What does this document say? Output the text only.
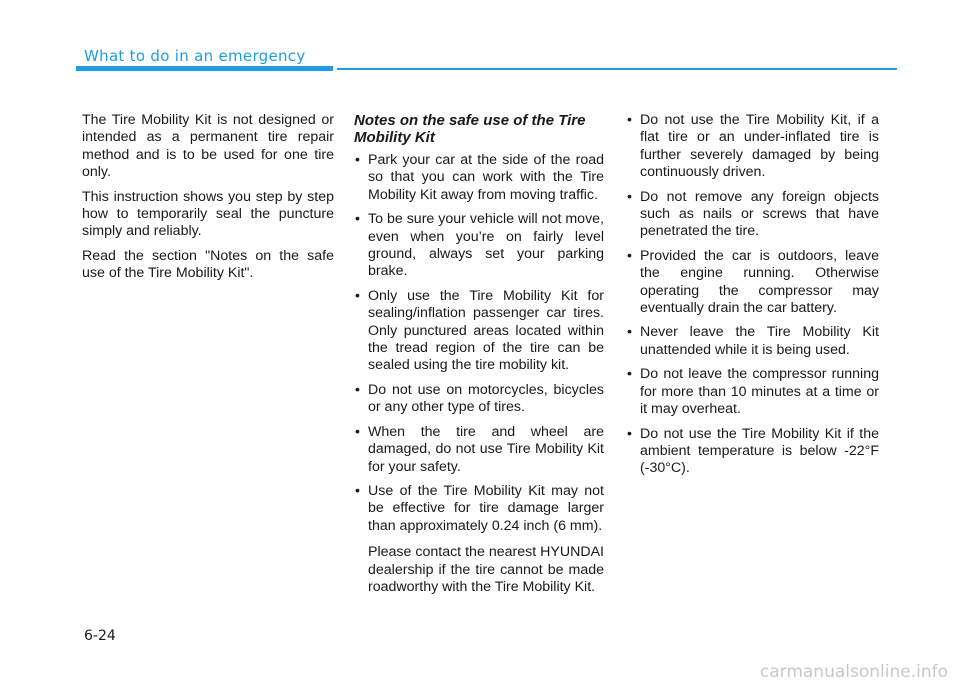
What to do in an emergency

The Tire Mobility Kit is not designed or intended as a permanent tire repair method and is to be used for one tire only.

This instruction shows you step by step how to temporarily seal the puncture simply and reliably.

Read the section "Notes on the safe use of the Tire Mobility Kit".

Notes on the safe use of the Tire Mobility Kit
• Park your car at the side of the road so that you can work with the Tire Mobility Kit away from moving traffic.
• To be sure your vehicle will not move, even when you’re on fairly level ground, always set your parking brake.
• Only use the Tire Mobility Kit for sealing/inflation passenger car tires. Only punctured areas located within the tread region of the tire can be sealed using the tire mobility kit.
• Do not use on motorcycles, bicycles or any other type of tires.
• When the tire and wheel are damaged, do not use Tire Mobility Kit for your safety.
• Use of the Tire Mobility Kit may not be effective for tire damage larger than approximately 0.24 inch (6 mm).
Please contact the nearest HYUNDAI dealership if the tire cannot be made roadworthy with the Tire Mobility Kit.
• Do not use the Tire Mobility Kit, if a flat tire or an under-inflated tire is further severely damaged by being continuously driven.
• Do not remove any foreign objects such as nails or screws that have penetrated the tire.
• Provided the car is outdoors, leave the engine running. Otherwise operating the compressor may eventually drain the car battery.
• Never leave the Tire Mobility Kit unattended while it is being used.
• Do not leave the compressor running for more than 10 minutes at a time or it may overheat.
• Do not use the Tire Mobility Kit if the ambient temperature is below -22°F (-30°C).
6-24
carmanualsonline.info
